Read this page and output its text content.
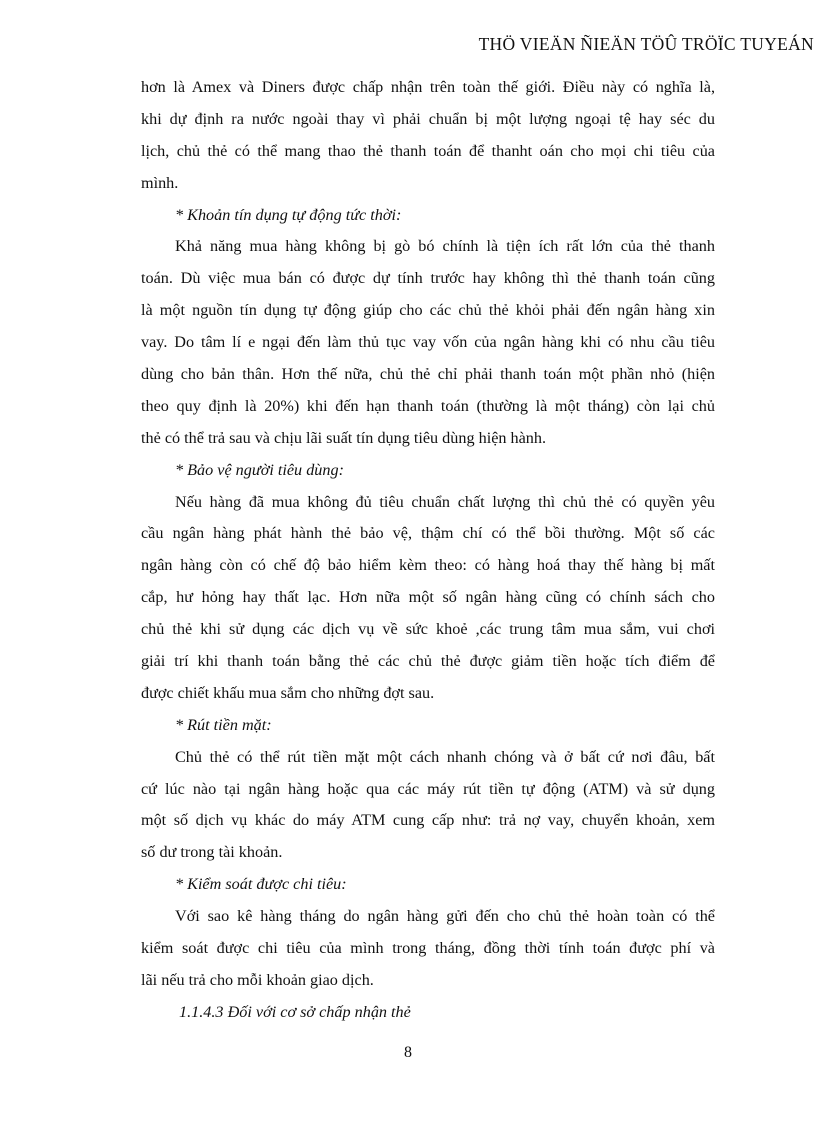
THÖ VIEÄN ÑIEÄN TÖÛ TRÖÏC TUYEÁN
hơn là Amex và Diners được chấp nhận trên toàn thế giới. Điều này có nghĩa là,
khi dự định ra nước ngoài thay vì phải chuẩn bị một lượng ngoại tệ hay séc du
lịch, chủ thẻ có thể mang thao thẻ thanh toán để thanht oán cho mọi chi tiêu của
mình.
* Khoản tín dụng tự động tức thời:
Khả năng mua hàng không bị gò bó chính là tiện ích rất lớn của thẻ thanh
toán. Dù việc mua bán có được dự tính trước hay không thì thẻ thanh toán cũng
là một nguồn tín dụng tự động giúp cho các chủ thẻ khỏi phải đến ngân hàng xin
vay. Do tâm lí e ngại đến làm thủ tục vay vốn của ngân hàng khi có nhu cầu tiêu
dùng cho bản thân. Hơn thế nữa, chủ thẻ chỉ phải thanh toán một phần nhỏ (hiện
theo quy định là 20%) khi đến hạn thanh toán (thường là một tháng) còn lại chủ
thẻ có thể trả sau và chịu lãi suất tín dụng tiêu dùng hiện hành.
* Bảo vệ người tiêu dùng:
Nếu hàng đã mua không đủ tiêu chuẩn chất lượng thì chủ thẻ có quyền yêu
cầu ngân hàng phát hành thẻ bảo vệ, thậm chí có thể bồi thường. Một số các
ngân hàng còn có chế độ bảo hiểm kèm theo: có hàng hoá thay thế hàng bị mất
cắp, hư hỏng hay thất lạc. Hơn nữa một số ngân hàng cũng có chính sách cho
chủ thẻ khi sử dụng các dịch vụ về sức khoẻ ,các trung tâm mua sắm, vui chơi
giải trí khi thanh toán bằng thẻ các chủ thẻ được giảm tiền hoặc tích điểm để
được chiết khấu mua sắm cho những đợt sau.
* Rút tiền mặt:
Chủ thẻ có thể rút tiền mặt một cách nhanh chóng và ở bất cứ nơi đâu, bất
cứ lúc nào tại ngân hàng hoặc qua các máy rút tiền tự động (ATM) và sử dụng
một số dịch vụ khác do máy ATM cung cấp như: trả nợ vay, chuyển khoản, xem
số dư trong tài khoản.
* Kiểm soát được chi tiêu:
Với sao kê hàng tháng do ngân hàng gửi đến cho chủ thẻ hoàn toàn có thể
kiểm soát được chi tiêu của mình trong tháng, đồng thời tính toán được phí và
lãi nếu trả cho mỗi khoản giao dịch.
1.1.4.3 Đối với cơ sở chấp nhận thẻ
8
